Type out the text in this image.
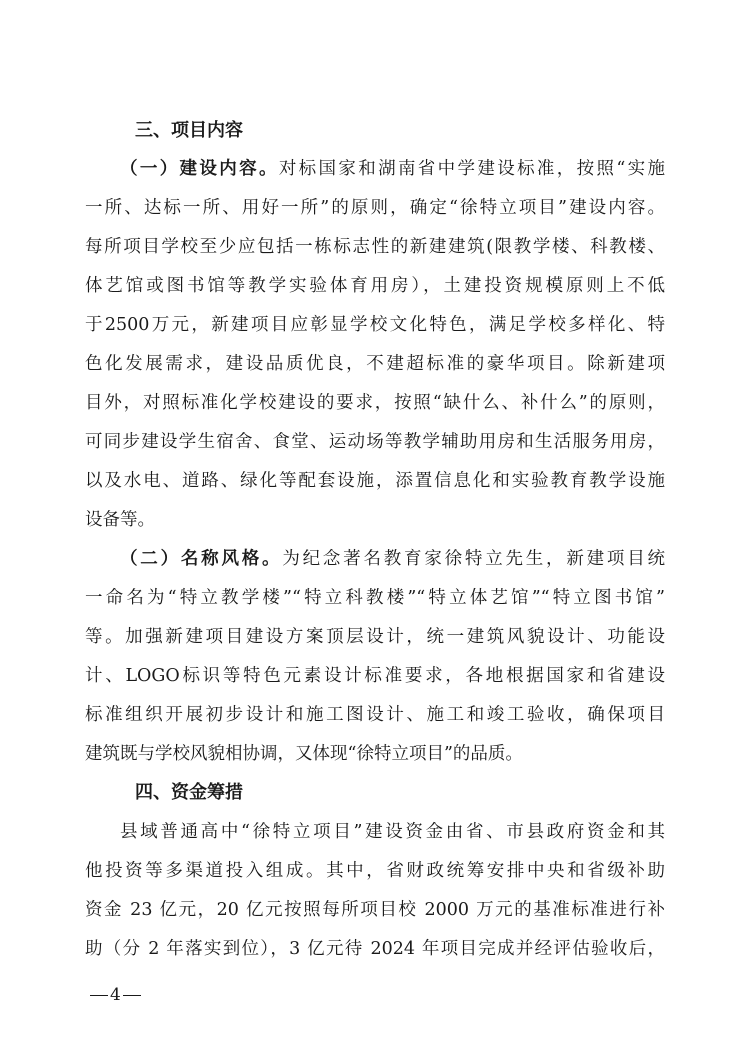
三、项目内容
（一）建设内容。对标国家和湖南省中学建设标准，按照“实施
一所、达标一所、用好一所”的原则，确定“徐特立项目”建设内容。
每所项目学校至少应包括一栋标志性的新建建筑(限教学楼、科教楼、
体艺馆或图书馆等教学实验体育用房），土建投资规模原则上不低
于2500万元，新建项目应彰显学校文化特色，满足学校多样化、特
色化发展需求，建设品质优良，不建超标准的豪华项目。除新建项
目外，对照标准化学校建设的要求，按照“缺什么、补什么”的原则，
可同步建设学生宿舍、食堂、运动场等教学辅助用房和生活服务用房，
以及水电、道路、绿化等配套设施，添置信息化和实验教育教学设施
设备等。
（二）名称风格。为纪念著名教育家徐特立先生，新建项目统
一命名为“特立教学楼”“特立科教楼”“特立体艺馆”“特立图书馆”
等。加强新建项目建设方案顶层设计，统一建筑风貌设计、功能设
计、LOGO标识等特色元素设计标准要求，各地根据国家和省建设
标准组织开展初步设计和施工图设计、施工和竣工验收，确保项目
建筑既与学校风貌相协调，又体现“徐特立项目”的品质。
四、资金筹措
县域普通高中“徐特立项目”建设资金由省、市县政府资金和其
他投资等多渠道投入组成。其中，省财政统筹安排中央和省级补助
资金 23 亿元，20 亿元按照每所项目校 2000 万元的基准标准进行补
助（分 2 年落实到位），3 亿元待 2024 年项目完成并经评估验收后，
4
